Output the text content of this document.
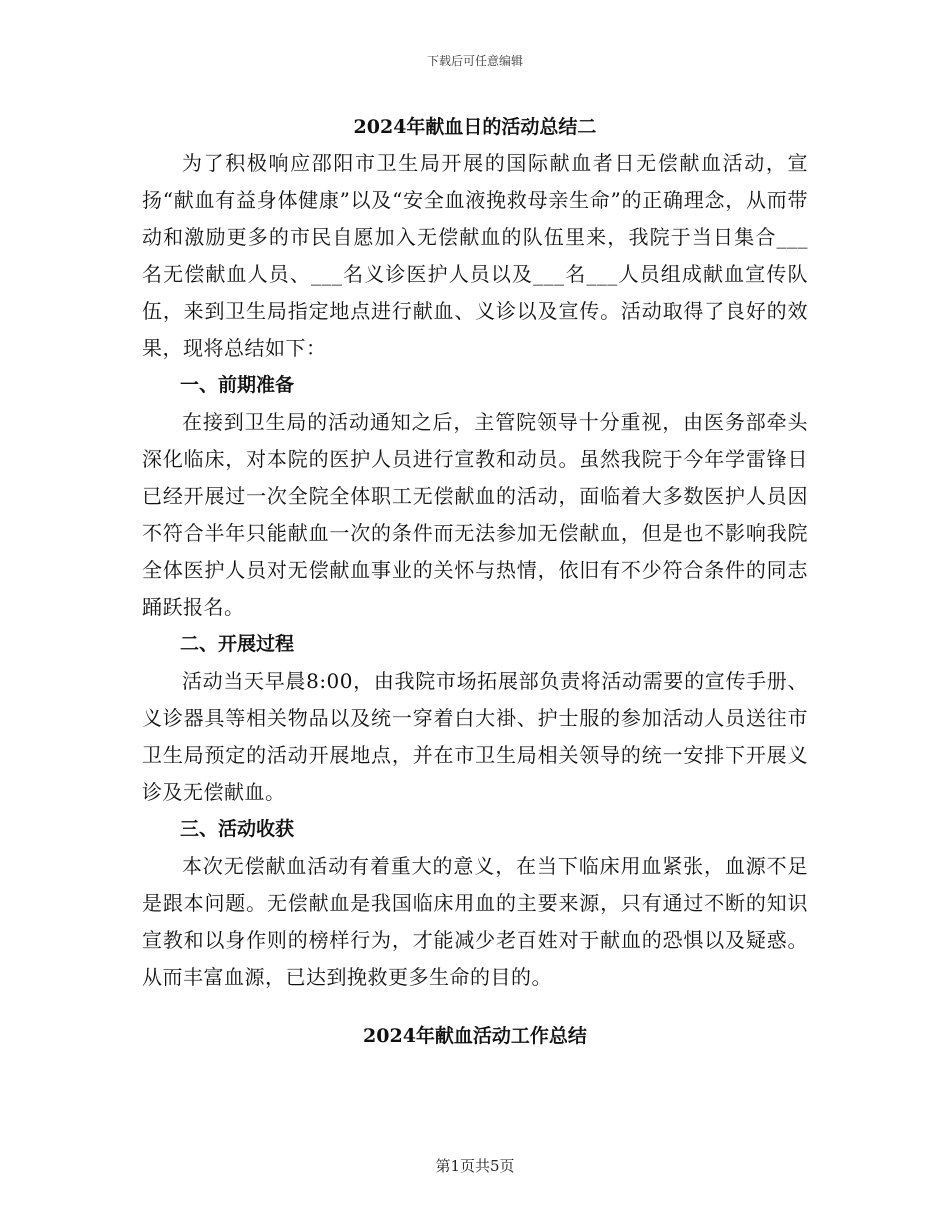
下载后可任意编辑
2024年献血日的活动总结二

为了积极响应邵阳市卫生局开展的国际献血者日无偿献血活动，宣扬“献血有益身体健康”以及“安全血液挽救母亲生命”的正确理念，从而带动和激励更多的市民自愿加入无偿献血的队伍里来，我院于当日集合___名无偿献血人员、___名义诊医护人员以及___名___人员组成献血宣传队伍，来到卫生局指定地点进行献血、义诊以及宣传。活动取得了良好的效果，现将总结如下：

一、前期准备

在接到卫生局的活动通知之后，主管院领导十分重视，由医务部牵头深化临床，对本院的医护人员进行宣教和动员。虽然我院于今年学雷锋日已经开展过一次全院全体职工无偿献血的活动，面临着大多数医护人员因不符合半年只能献血一次的条件而无法参加无偿献血，但是也不影响我院全体医护人员对无偿献血事业的关怀与热情，依旧有不少符合条件的同志踊跃报名。

二、开展过程

活动当天早晨8:00，由我院市场拓展部负责将活动需要的宣传手册、义诊器具等相关物品以及统一穿着白大褂、护士服的参加活动人员送往市卫生局预定的活动开展地点，并在市卫生局相关领导的统一安排下开展义诊及无偿献血。

三、活动收获

本次无偿献血活动有着重大的意义，在当下临床用血紧张，血源不足是跟本问题。无偿献血是我国临床用血的主要来源，只有通过不断的知识宣教和以身作则的榜样行为，才能减少老百姓对于献血的恐惧以及疑惑。从而丰富血源，已达到挽救更多生命的目的。

2024年献血活动工作总结
第1页共5页
